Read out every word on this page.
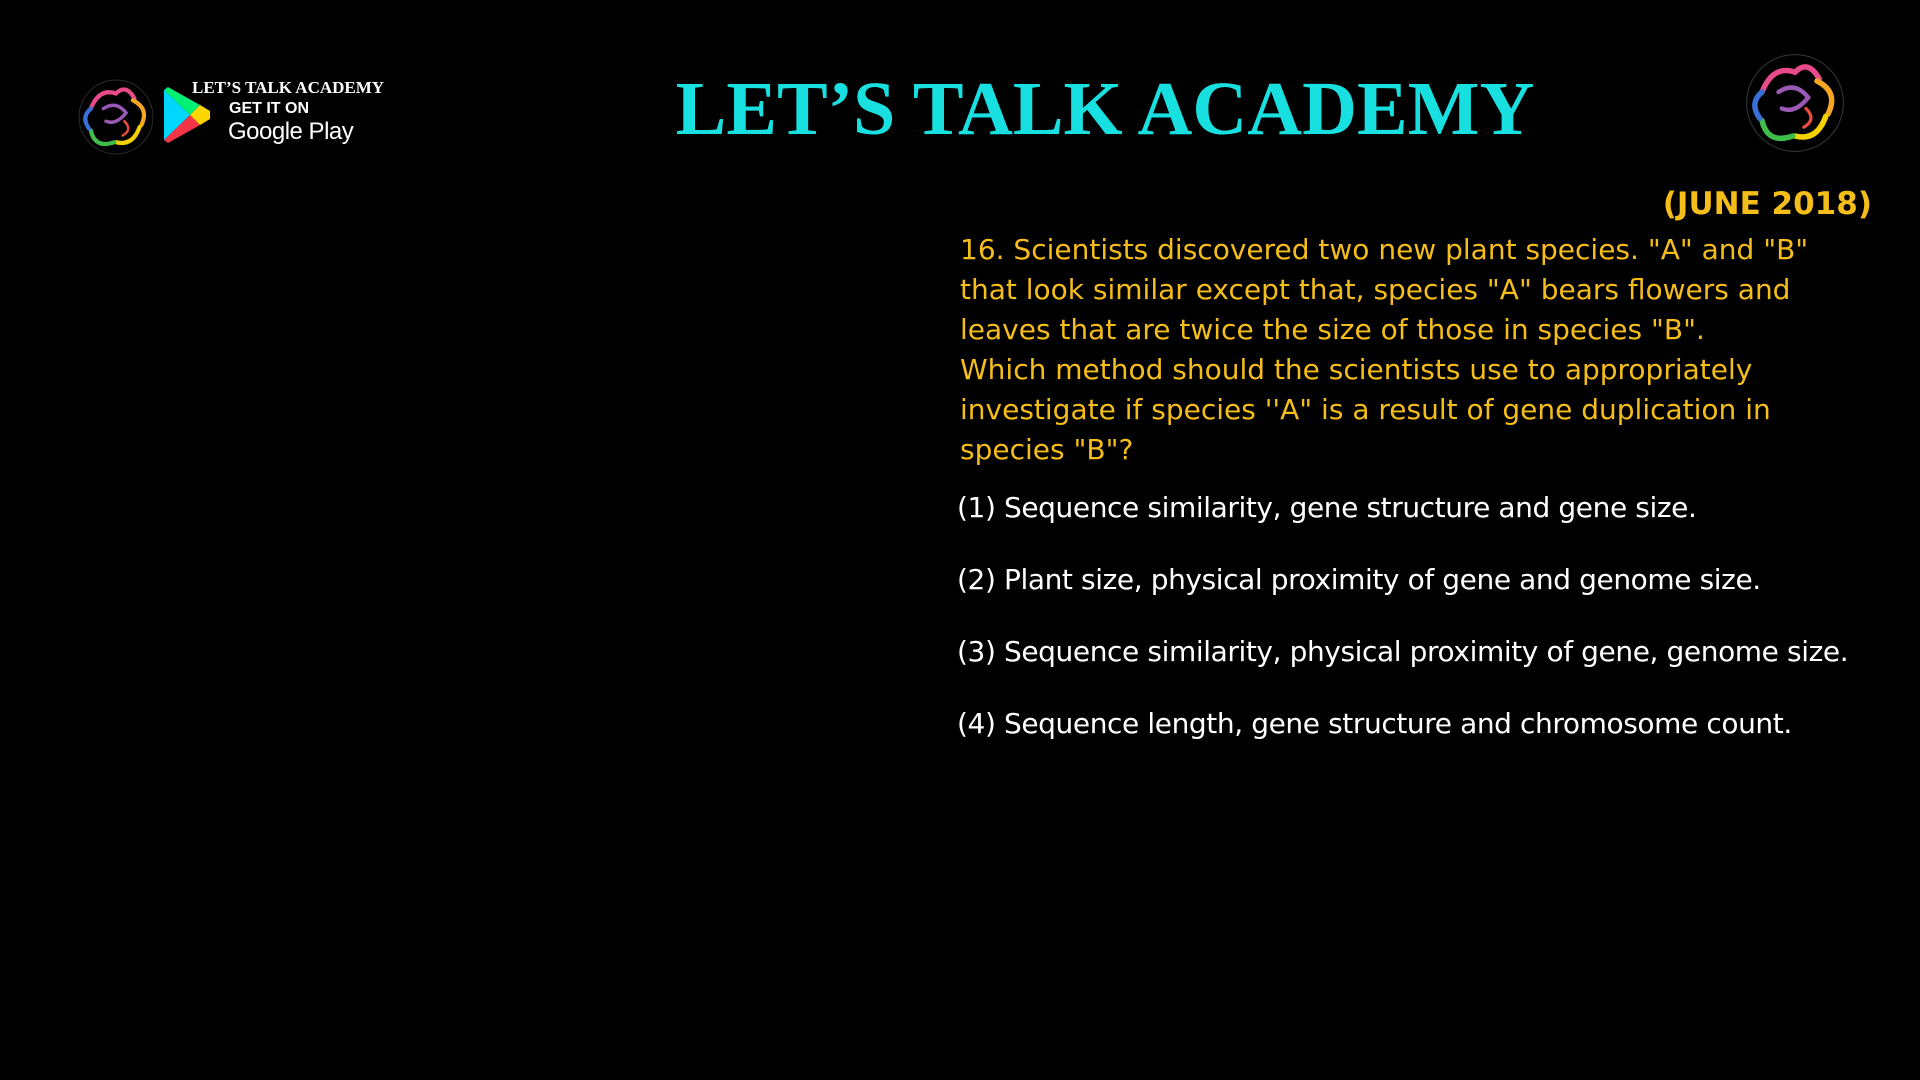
LET’S TALK ACADEMY
GET IT ON
Google Play	LET’S TALK ACADEMY
(JUNE 2018)
16. Scientists discovered two new plant species. "A" and "B"
that look similar except that, species "A" bears flowers and
leaves that are twice the size of those in species "B".
Which method should the scientists use to appropriately
investigate if species ''A" is a result of gene duplication in
species "B"?
(1) Sequence similarity, gene structure and gene size.
(2) Plant size, physical proximity of gene and genome size.
(3) Sequence similarity, physical proximity of gene, genome size.
(4) Sequence length, gene structure and chromosome count.
